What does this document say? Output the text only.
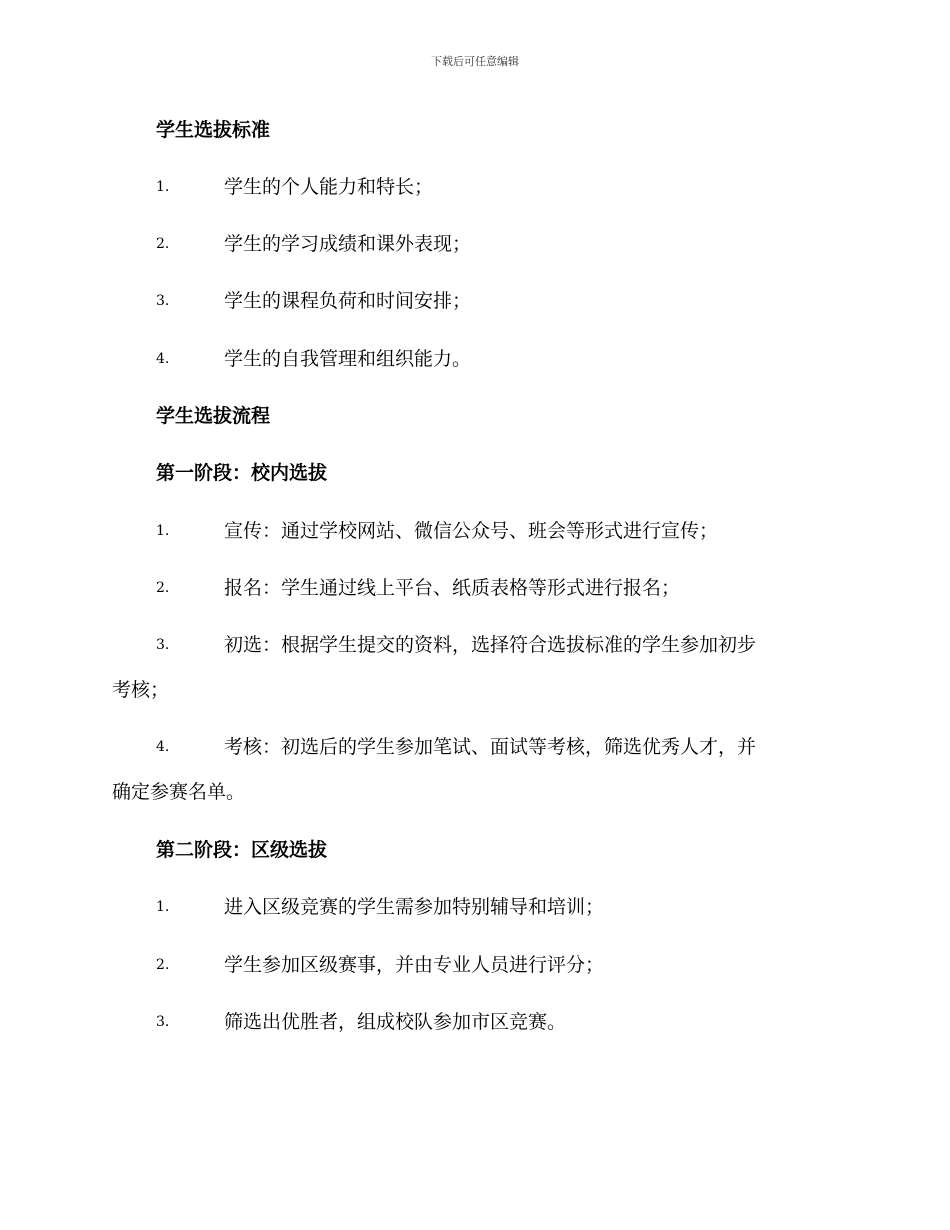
下载后可任意编辑
学生选拔标准
1.	学生的个人能力和特长；
2.	学生的学习成绩和课外表现；
3.	学生的课程负荷和时间安排；
4.	学生的自我管理和组织能力。
学生选拔流程
第一阶段：校内选拔
1.	宣传：通过学校网站、微信公众号、班会等形式进行宣传；
2.	报名：学生通过线上平台、纸质表格等形式进行报名；
3.	初选：根据学生提交的资料，选择符合选拔标准的学生参加初步
考核；
4.	考核：初选后的学生参加笔试、面试等考核，筛选优秀人才，并
确定参赛名单。
第二阶段：区级选拔
1.	进入区级竞赛的学生需参加特别辅导和培训；
2.	学生参加区级赛事，并由专业人员进行评分；
3.	筛选出优胜者，组成校队参加市区竞赛。
